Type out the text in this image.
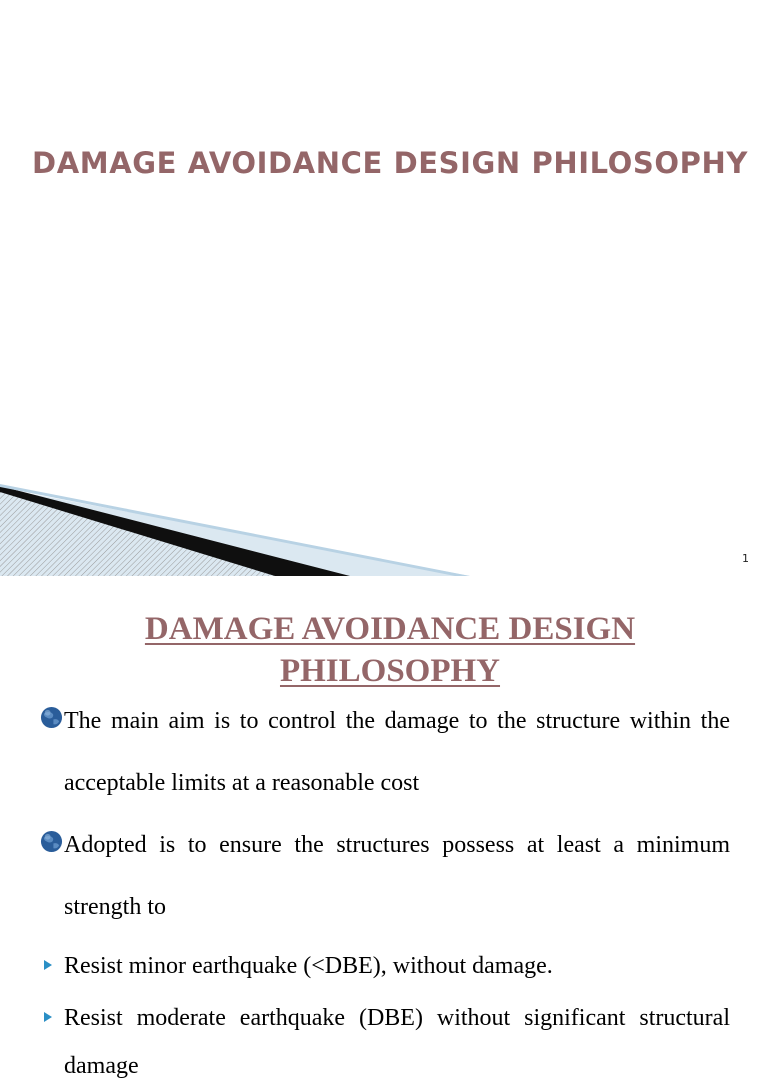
DAMAGE AVOIDANCE DESIGN PHILOSOPHY
1
DAMAGE AVOIDANCE DESIGN
PHILOSOPHY
The main aim is to control the damage to the structure within the acceptable limits at a reasonable cost
Adopted is to ensure the structures possess at least a minimum strength to
Resist minor earthquake (<DBE), without damage.
Resist moderate earthquake (DBE) without significant structural damage
